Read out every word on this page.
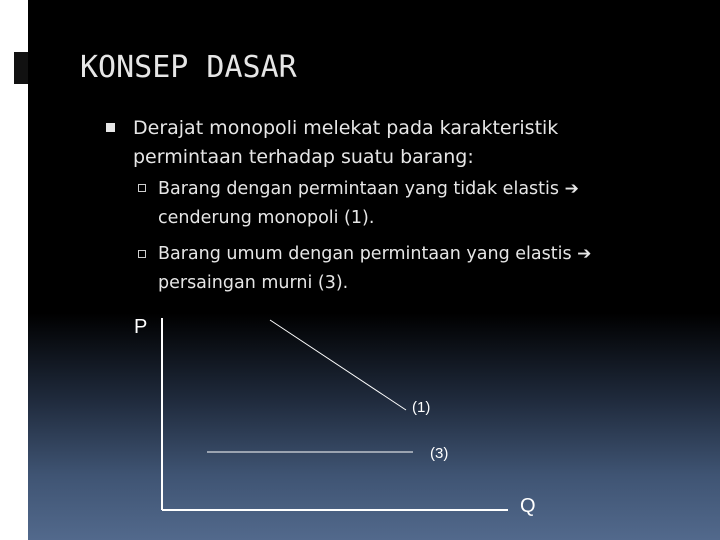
KONSEP DASAR
Derajat monopoli melekat pada karakteristik permintaan terhadap suatu barang:
Barang dengan permintaan yang tidak elastis ➔ cenderung monopoli (1).
Barang umum dengan permintaan yang elastis ➔ persaingan murni (3).
P
Q
(1)
(3)
